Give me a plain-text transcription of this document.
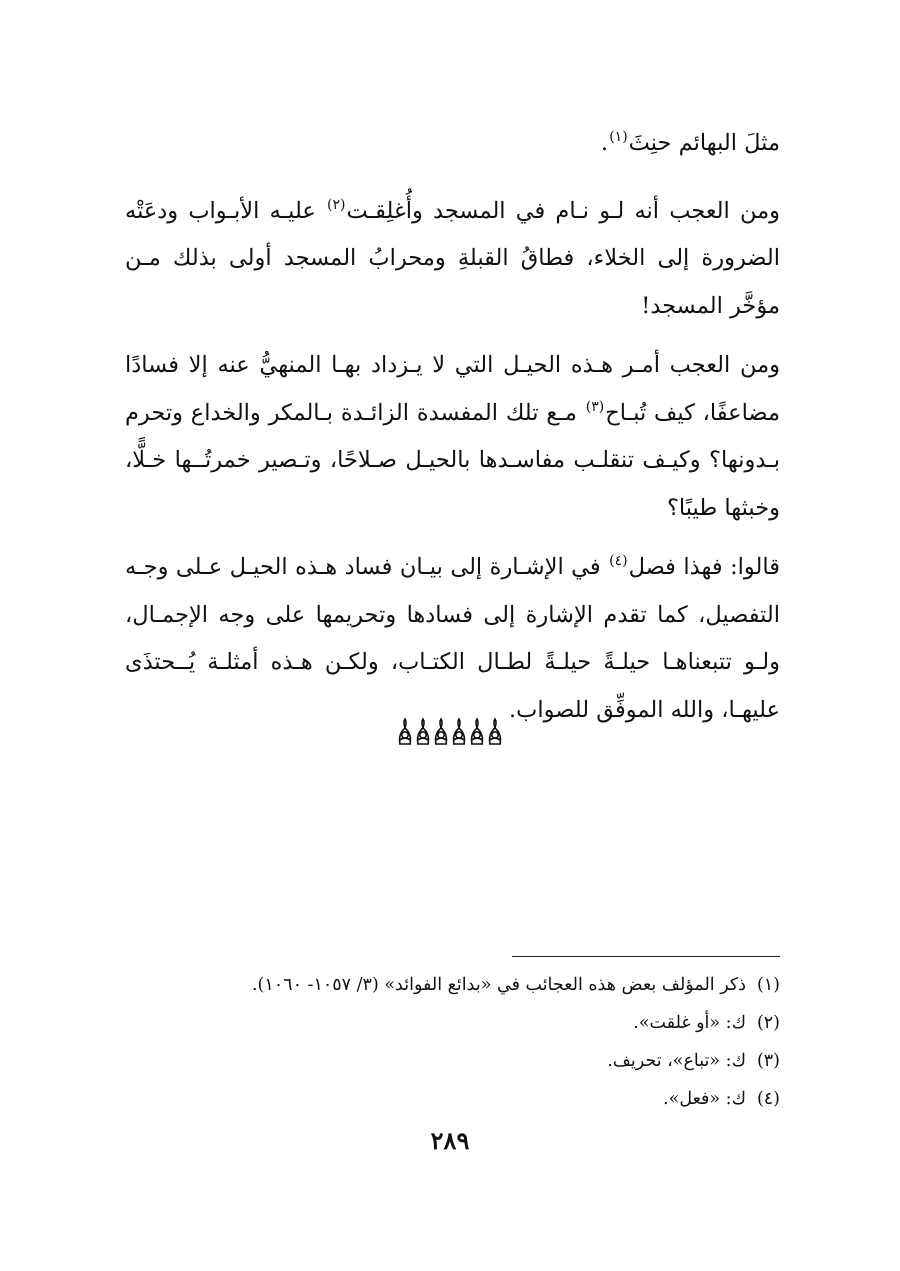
مثلَ البهائم حنِثَ$^{(١)}$.

ومن العجب أنه لـو نـام في المسجد وأُغلِقـت$^{(٢)}$ عليـه الأبـواب ودعَتْه الضرورة إلى الخلاء، فطاقُ القبلةِ ومحرابُ المسجد أولى بذلك مـن مؤخَّر المسجد!

ومن العجب أمـر هـذه الحيـل التي لا يـزداد بهـا المنهيُّ عنه إلا فسادًا مضاعفًا، كيف تُبـاح$^{(٣)}$ مـع تلك المفسدة الزائـدة بـالمكر والخداع وتحرم بـدونها؟ وكيـف تنقلـب مفاسـدها بالحيـل صـلاحًا، وتـصير خمرتُــها خـلًّا، وخبثها طيبًا؟

قالوا: فهذا فصل$^{(٤)}$ في الإشـارة إلى بيـان فساد هـذه الحيـل عـلى وجـه التفصيل، كما تقدم الإشارة إلى فسادها وتحريمها على وجه الإجمـال، ولـو تتبعناهـا حيلـةً حيلـةً لطـال الكتـاب، ولكـن هـذه أمثلـة يُــحتذَى عليهـا، والله الموفِّق للصواب.

(١)ذكر المؤلف بعض هذه العجائب في «بدائع الفوائد» (٣/ ١٠٥٧- ١٠٦٠).
(٢)ك: «أو غلقت».
(٣)ك: «تباع»، تحريف.
(٤)ك: «فعل».
٢٨٩
